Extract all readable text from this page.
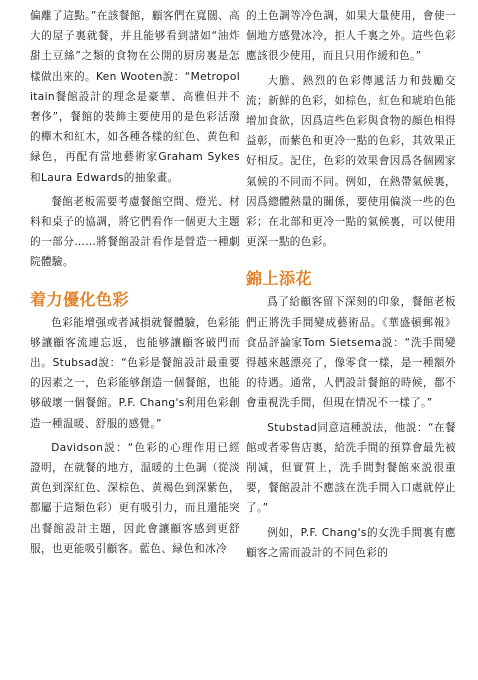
偏離了這點。”在該餐館，顧客們在寬闊、高大的屋子裏就餐，并且能够看到諸如“油炸甜土豆絲”之類的食物在公開的厨房裏是怎樣做出來的。Ken Wooten說：“Metropolitain餐館設計的理念是豪華、高雅但并不奢侈”，餐館的裝飾主要使用的是色彩活潑的櫸木和紅木，如各種各樣的紅色、黄色和緑色，再配有當地藝術家Graham Sykes和Laura Edwards的抽象畫。

餐館老板需要考慮餐館空間、燈光、材料和桌子的協調，將它們看作一個更大主題的一部分……將餐館設計看作是營造一種劇院體驗。

着力優化色彩

色彩能增强或者减損就餐體驗，色彩能够讓顧客流連忘返，也能够讓顧客破門而出。Stubsad說：“色彩是餐館設計最重要的因素之一，色彩能够創造一個餐館，也能够破壞一個餐館。P.F. Chang's利用色彩創造一種温暖、舒服的感覺。”

Davidson説：“色彩的心理作用已經證明，在就餐的地方，温暖的土色調（從淡黄色到深紅色、深棕色、黄褐色到深紫色，都屬于這類色彩）更有吸引力，而且還能突出餐館設計主題，因此會讓顧客感到更舒服，也更能吸引顧客。藍色、緑色和冰冷

的土色調等冷色調，如果大量使用，會使一個地方感覺冰冷，拒人千裏之外。這些色彩應該很少使用，而且只用作緩和色。”

大膽、熱烈的色彩傳遞活力和鼓勵交流；新鮮的色彩，如棕色，紅色和琥珀色能增加食欲，因爲這些色彩與食物的顔色相得益彰，而紫色和更冷一點的色彩，其效果正好相反。記住，色彩的效果會因爲各個國家氣候的不同而不同。例如，在熱帶氣候裏，因爲總體熱量的關係，要使用偏淡一些的色彩；在北部和更冷一點的氣候裏，可以使用更深一點的色彩。

錦上添花

爲了給顧客留下深刻的印象，餐館老板們正將洗手間變成藝術品。《華盛頓郵報》食品評論家Tom Sietsema説：“洗手間變得越來越漂亮了，像零食一樣，是一種額外的待遇。通常，人們設計餐館的時候，都不會重視洗手間，但現在情况不一樣了。”

Stubstad同意這種説法，他説：“在餐館或者零售店裏，給洗手間的預算會最先被削减，但實質上，洗手間對餐館來説很重要，餐館設計不應該在洗手間入口處就停止了。”

例如，P.F. Chang's的女洗手間裏有應顧客之需而設計的不同色彩的
